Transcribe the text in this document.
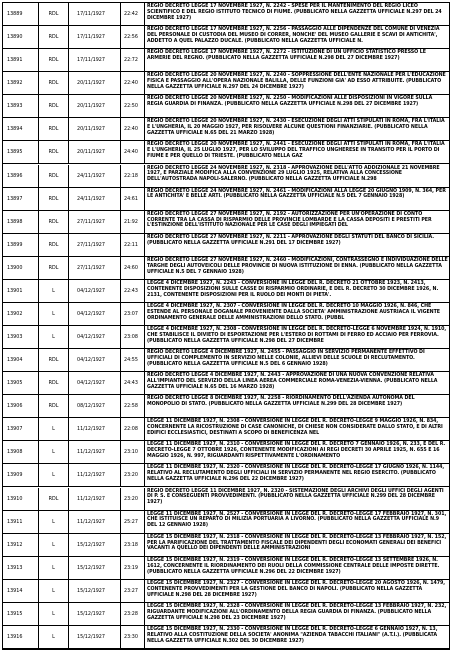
13889	RDL	17/11/1927	22:42
REGIO DECRETO LEGGE 17 NOVEMBRE 1927, N. 2242 - SPESE PER IL MANTENIMENTO DEL REGIO LICEO SCIENTIFICO E DEL REGIO ISTITUTO TECNICO DI FIUME. (PUBBLICATO NELLA GAZZETTA UFFICIALE N.297 DEL 24 DICEMBRE 1927)
13890	RDL	17/11/1927	22:56
REGIO DECRETO LEGGE 17 NOVEMBRE 1927, N. 2256 - PASSAGGIO ALLE DIPENDENZE DEL COMUNE DI VENEZIA DEL PERSONALE DI CUSTODIA DEL MUSEO DI CORRER, NONCHE' DEL MUSEO GALLERIE E SCAVI DI ANTICHITA', ADDETTO A QUEL PALAZZO DUCALE. (PUBBLICATO NELLA GAZZETTA UFFICIALE N.
13891	RDL	17/11/1927	22:72
REGIO DECRETO LEGGE 17 NOVEMBRE 1927, N. 2272 - ISTITUZIONE DI UN UFFICIO STATISTICO PRESSO LE ARMERIE DEL REGNO. (PUBBLICATO NELLA GAZZETTA UFFICIALE N.298 DEL 27 DICEMBRE 1927)
13892	RDL	20/11/1927	22:40
REGIO DECRETO LEGGE 20 NOVEMBRE 1927, N. 2240 - SOPPRESSIONE DELL'ENTE NAZIONALE PER L'EDUCAZIONE FISICA E PASSAGGIO ALL'OPERA NAZIONALE BALILLA, DELLE FUNZIONI GIA' AD ESSO ATTRIBUITE. (PUBBLICATO NELLA GAZZETTA UFFICIALE N.297 DEL 24 DICEMBRE 1927)
13893	RDL	20/11/1927	22:50
REGIO DECRETO LEGGE 20 NOVEMBRE 1927, N. 2250 - MODIFICAZIONI ALLE DISPOSIZIONI IN VIGORE SULLA REGIA GUARDIA DI FINANZA. (PUBBLICATO NELLA GAZZETTA UFFICIALE N.298 DEL 27 DICEMBRE 1927)
13894	RDL	20/11/1927	22:40
REGIO DECRETO LEGGE 20 NOVEMBRE 1927, N. 2430 - ESECUZIONE DEGLI ATTI STIPULATI IN ROMA, FRA L'ITALIA E L'UNGHERIA, IL 20 MAGGIO 1927, PER RISOLVERE ALCUNE QUESTIONI FINANZIARIE. (PUBBLICATO NELLA GAZZETTA UFFICIALE N.65 DEL 21 MARZO 1928)
13895	RDL	20/11/1927	24:40
REGIO DECRETO LEGGE 20 NOVEMBRE 1927, N. 2441 - ESECUZIONE DEGLI ATTI STIPULATI IN ROMA, FRA L'ITALIA E L'UNGHERIA, IL 25 LUGLIO 1927, PER LO SVILUPPO DEL TRAFFICO UNGHERESE IN TRANSITO PER IL PORTO DI FIUME E PER QUELLO DI TRIESTE. (PUBBLICATO NELLA GAZ
13896	RDL	24/11/1927	22:18
REGIO DECRETO LEGGE 24 NOVEMBRE 1927, N. 2318 - APPROVAZIONE DELL'ATTO ADDIZIONALE 21 NOVEMBRE 1927, E PARZIALE MODIFICA ALLA CONVENZIONE 29 LUGLIO 1925, RELATIVA ALLA CONCESSIONE DELL'AUTOSTRADA NAPOLI-SALERNO. (PUBBLICATO NELLA GAZZETTA UFFICIALE N.298
13897	RDL	24/11/1927	24:61
REGIO DECRETO LEGGE 24 NOVEMBRE 1927, N. 2461 - MODIFICAZIONI ALLA LEGGE 20 GIUGNO 1909, N. 364, PER LE ANTICHITA' E BELLE ARTI. (PUBBLICATO NELLA GAZZETTA UFFICIALE N.5 DEL 7 GENNAIO 1928)
13898	RDL	27/11/1927	21:92
REGIO DECRETO LEGGE 27 NOVEMBRE 1927, N. 2192 - AUTORIZZAZIONE PER UN'OPERAZIONE DI CONTO CORRENTE TRA LA CASSA DI RISPARMIO DELLE PROVINCIE LOMBARDE E LA CASSA DEPOSITI E PRESTITI PER L'ESTINZIONE DELL'ISTITUTO NAZIONALE PER LE CASE DEGLI IMPIEGATI DEL
13899	RDL	27/11/1927	22:11
REGIO DECRETO LEGGE 27 NOVEMBRE 1927, N. 2211 - APPROVAZIONE DEGLI STATUTI DEL BANCO DI SICILIA. (PUBBLICATO NELLA GAZZETTA UFFICIALE N.291 DEL 17 DICEMBRE 1927)
13900	RDL	27/11/1927	24:60
REGIO DECRETO LEGGE 27 NOVEMBRE 1927, N. 2460 - MODIFICAZIONI, CONTRASSEGNO E INDIVIDUAZIONE DELLE TARGHE DEGLI AUTOVEICOLI DELLE PROVINCIE DI NUOVA ISTITUZIONE DI ENNA. (PUBBLICATO NELLA GAZZETTA UFFICIALE N.5 DEL 7 GENNAIO 1928)
13901	L	04/12/1927	22:43
LEGGE 4 DICEMBRE 1927, N. 2243 - CONVERSIONE IN LEGGE DEL R. DECRETO 21 OTTOBRE 1923, N. 2413, CONTENENTE DISPOSIZIONI SULLE CASSE DI RISPARMIO ORDINARIE, E DEL R. DECRETO 30 DICEMBRE 1926, N. 2131, CONTENENTE DISPOSIZIONI PER IL RUOLO DEI MONTI DI PIETA'.
13902	L	04/12/1927	23:07
LEGGE 4 DICEMBRE 1927, N. 2307 - CONVERSIONE IN LEGGE DEL R. DECRETO 10 MAGGIO 1926, N. 846, CHE ESTENDE AL PERSONALE DOGANALE PROVENIENTE DALLA SOCIETA' AMMINISTRAZIONE AUSTRIACA IL VIGENTE ORDINAMENTO GENERALE DELLE AMMINISTRAZIONI DELLO STATO. (PUBBL
13903	L	04/12/1927	23:08
LEGGE 4 DICEMBRE 1927, N. 2308 - CONVERSIONE IN LEGGE DEL R. DECRETO-LEGGE 6 NOVEMBRE 1924, N. 1910, CHE STABILISCE IL DIVIETO DI ESPORTAZIONE PER L'ESTERO DI ROTTAMI DI FERRO ED ACCIAIO PER FERROVIA. (PUBBLICATO NELLA GAZZETTA UFFICIALE N.298 DEL 27 DICEMBRE
13904	RDL	04/12/1927	24:55
REGIO DECRETO LEGGE 4 DICEMBRE 1927, N. 2455 - PASSAGGIO IN SERVIZIO PERMANENTE EFFETTIVO DI UFFICIALI DI COMPLEMENTO IN SERVIZIO NELLE COLONIE, ALLIEVI DELLE SCUOLE DI RECLUTAMENTO. (PUBBLICATO NELLA GAZZETTA UFFICIALE N.5 DEL 6 GENNAIO 1928)
13905	RDL	04/12/1927	24:43
REGIO DECRETO LEGGE 4 DICEMBRE 1927, N. 2443 - APPROVAZIONE DI UNA NUOVA CONVENZIONE RELATIVA ALL'IMPIANTO DEL SERVIZIO DELLA LINEA AEREA COMMERCIALE ROMA-VENEZIA-VIENNA. (PUBBLICATO NELLA GAZZETTA UFFICIALE N.65 DEL 16 MARZO 1928)
13906	RDL	08/12/1927	22:58
REGIO DECRETO LEGGE 8 DICEMBRE 1927, N. 2258 - RIORDINAMENTO DELL'AZIENDA AUTONOMA DEL MONOPOLIO DI STATO. (PUBBLICATO NELLA GAZZETTA UFFICIALE N.299 DEL 28 DICEMBRE 1927)
13907	L	11/12/1927	22:08
LEGGE 11 DICEMBRE 1927, N. 2308 - CONVERSIONE IN LEGGE DEL R. DECRETO-LEGGE 9 MAGGIO 1926, N. 834, CONCERNENTE LA RICOSTRUZIONE DI CASE CANONICHE, DI CHIESE NON CONSIDERATE DALLO STATO, E DI ALTRI EDIFICI ECCLESIASTICI, DESTINATI A SCOPO DI BENEFICENZA NEL
13908	L	11/12/1927	23:10
LEGGE 11 DICEMBRE 1927, N. 2310 - CONVERSIONE IN LEGGE DEL R. DECRETO 7 GENNAIO 1926, N. 233, E DEL R. DECRETO-LEGGE 7 OTTOBRE 1926, CONTENENTE MODIFICAZIONI AI REGI DECRETI 30 APRILE 1925, N. 655 E 16 MAGGIO 1926, N. 997, RIGUARDANTI RISPETTIVAMENTE L'ORDINAMENTO
13909	L	11/12/1927	23:20
LEGGE 11 DICEMBRE 1927, N. 2320 - CONVERSIONE IN LEGGE DEL R. DECRETO-LEGGE 17 GIUGNO 1926, N. 1144, RELATIVO AL RECLUTAMENTO DEGLI UFFICIALI IN SERVIZIO PERMANENTE NEL REGIO ESERCITO. (PUBBLICATO NELLA GAZZETTA UFFICIALE N.296 DEL 22 DICEMBRE 1927)
13910	RDL	11/12/1927	23:20
REGIO DECRETO LEGGE 11 DICEMBRE 1927, N. 2320 - SISTEMAZIONE DEGLI ARCHIVI DEGLI UFFICI DEGLI AGENTI DI P. S. E CONSEGUENTI PROVVEDIMENTI. (PUBBLICATO NELLA GAZZETTA UFFICIALE N.299 DEL 28 DICEMBRE 1927)
13911	L	11/12/1927	25:27
LEGGE 11 DICEMBRE 1927, N. 2527 - CONVERSIONE IN LEGGE DEL R. DECRETO-LEGGE 17 FEBBRAIO 1927, N. 301, CHE ISTITUISCE UN REPARTO DI MILIZIA PORTUARIA A LIVORNO. (PUBBLICATO NELLA GAZZETTA UFFICIALE N.9 DEL 12 GENNAIO 1928)
13912	L	15/12/1927	23:18
LEGGE 15 DICEMBRE 1927, N. 2318 - CONVERSIONE IN LEGGE DEL R. DECRETO-LEGGE 13 FEBBRAIO 1927, N. 152, PER LA PARIFICAZIONE DEL TRATTAMENTO FISCALE DEI DIPENDENTI DEGLI ECONOMATI GENERALI DEI BENEFICI VACANTI A QUELLO DEI DIPENDENTI DELLE AMMINISTRAZIONI
13913	L	15/12/1927	23:19
LEGGE 15 DICEMBRE 1927, N. 2319 - CONVERSIONE IN LEGGE DEL R. DECRETO-LEGGE 13 SETTEMBRE 1926, N. 1612, CONCERNENTE IL RIORDINAMENTO DEI RUOLI DELLA COMMISSIONE CENTRALE DELLE IMPOSTE DIRETTE. (PUBBLICATO NELLA GAZZETTA UFFICIALE N.296 DEL 22 DICEMBRE 1927)
13914	L	15/12/1927	23:27
LEGGE 15 DICEMBRE 1927, N. 2327 - CONVERSIONE IN LEGGE DEL R. DECRETO-LEGGE 20 AGOSTO 1926, N. 1479, CONTENENTE PROVVEDIMENTI PER LA GESTIONE DEL BANCO DI NAPOLI. (PUBBLICATO NELLA GAZZETTA UFFICIALE N.298 DEL 28 DICEMBRE 1927)
13915	L	15/12/1927	23:28
LEGGE 15 DICEMBRE 1927, N. 2328 - CONVERSIONE IN LEGGE DEL R. DECRETO-LEGGE 13 FEBBRAIO 1927, N. 232, RIGUARDANTE MODIFICAZIONI ALL'ORDINAMENTO DELLA REGIA GUARDIA DI FINANZA. (PUBBLICATO NELLA GAZZETTA UFFICIALE N.298 DEL 23 DICEMBRE 1927)
13916	L	15/12/1927	23:30
LEGGE 15 DICEMBRE 1927, N. 2330 - CONVERSIONE IN LEGGE DEL R. DECRETO-LEGGE 6 GENNAIO 1927, N. 13, RELATIVO ALLA COSTITUZIONE DELLA SOCIETA' ANONIMA "AZIENDA TABACCHI ITALIANI" (A.T.I.). (PUBBLICATA NELLA GAZZETTA UFFICIALE N.302 DEL 30 DICEMBRE 1927)
